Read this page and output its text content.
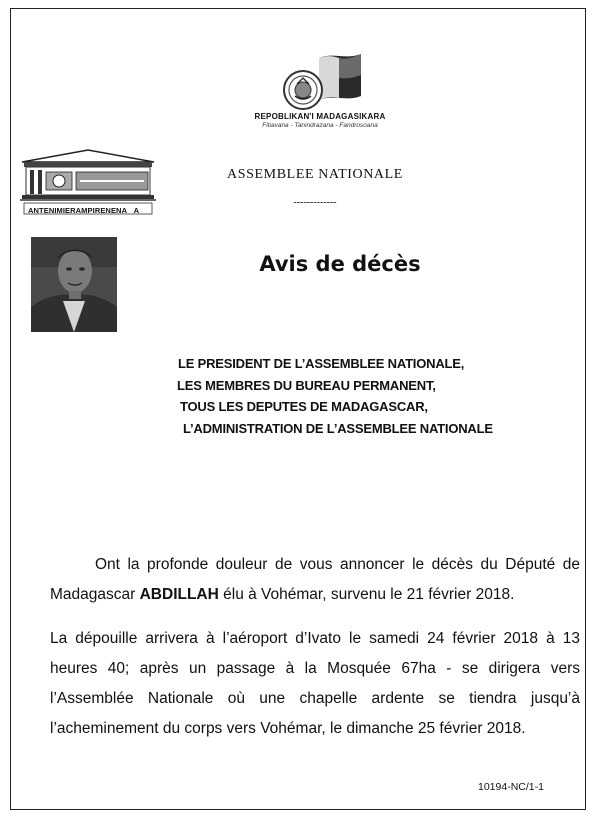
REPOBLIKAN'I MADAGASIKARA
Fitiavana - Tanindrazana - Fandrosoana
ANTENIMIERAMPIRENENA A
ASSEMBLEE NATIONALE
-------------
Avis de décès
LE PRESIDENT DE L’ASSEMBLEE NATIONALE,
LES MEMBRES DU BUREAU PERMANENT,
TOUS LES DEPUTES DE MADAGASCAR,
L’ADMINISTRATION DE L’ASSEMBLEE NATIONALE

Ont la profonde douleur de vous annoncer le décès du Député de Madagascar ABDILLAH élu à Vohémar, survenu le 21 février 2018.

La dépouille arrivera à l’aéroport d’Ivato le samedi 24 février 2018 à 13 heures 40; après un passage à la Mosquée 67ha - se dirigera vers l’Assemblée Nationale où une chapelle ardente se tiendra jusqu’à l’acheminement du corps vers Vohémar, le dimanche 25 février 2018.

10194-NC/1-1
